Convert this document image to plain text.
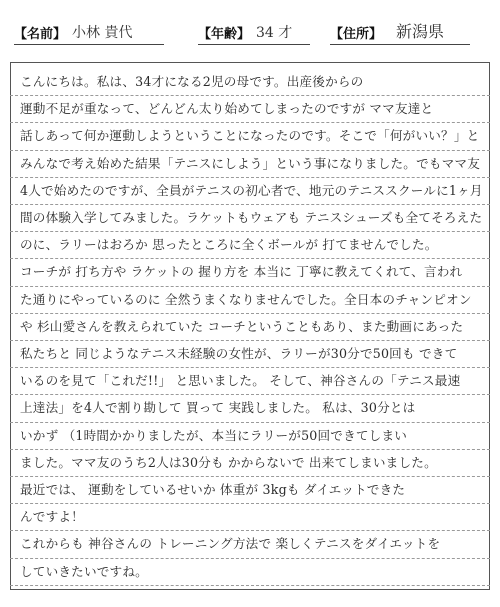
【名前】 小林 貴代	【年齢】 34 才	【住所】 新潟県
こんにちは。私は、34才になる2児の母です。出産後からの
運動不足が重なって、どんどん太り始めてしまったのですが ママ友達と
話しあって何か運動しようということになったのです。そこで「何がいい？」と
みんなで考え始めた結果「テニスにしよう」という事になりました。でもママ友
4人で始めたのですが、全員がテニスの初心者で、地元のテニススクールに1ヶ月
間の体験入学してみました。ラケットもウェアも テニスシューズも全てそろえた
のに、ラリーはおろか 思ったところに全くボールが 打てませんでした。
コーチが 打ち方や ラケットの 握り方を 本当に 丁寧に教えてくれて、言われ
た通りにやっているのに 全然うまくなりませんでした。全日本のチャンピオン
や 杉山愛さんを教えられていた コーチということもあり、また動画にあった
私たちと 同じようなテニス未経験の女性が、ラリーが30分で50回も できて
いるのを見て「これだ!!」 と思いました。 そして、神谷さんの「テニス最速
上達法」を4人で割り勘して 買って 実践しました。 私は、30分とは
いかず （1時間かかりましたが、本当にラリーが50回できてしまい
ました。ママ友のうち2人は30分も かからないで 出来てしまいました。
最近では、 運動をしているせいか 体重が 3kgも ダイエットできた
んですよ！
これからも 神谷さんの トレーニング方法で 楽しくテニスをダイエットを
していきたいですね。
